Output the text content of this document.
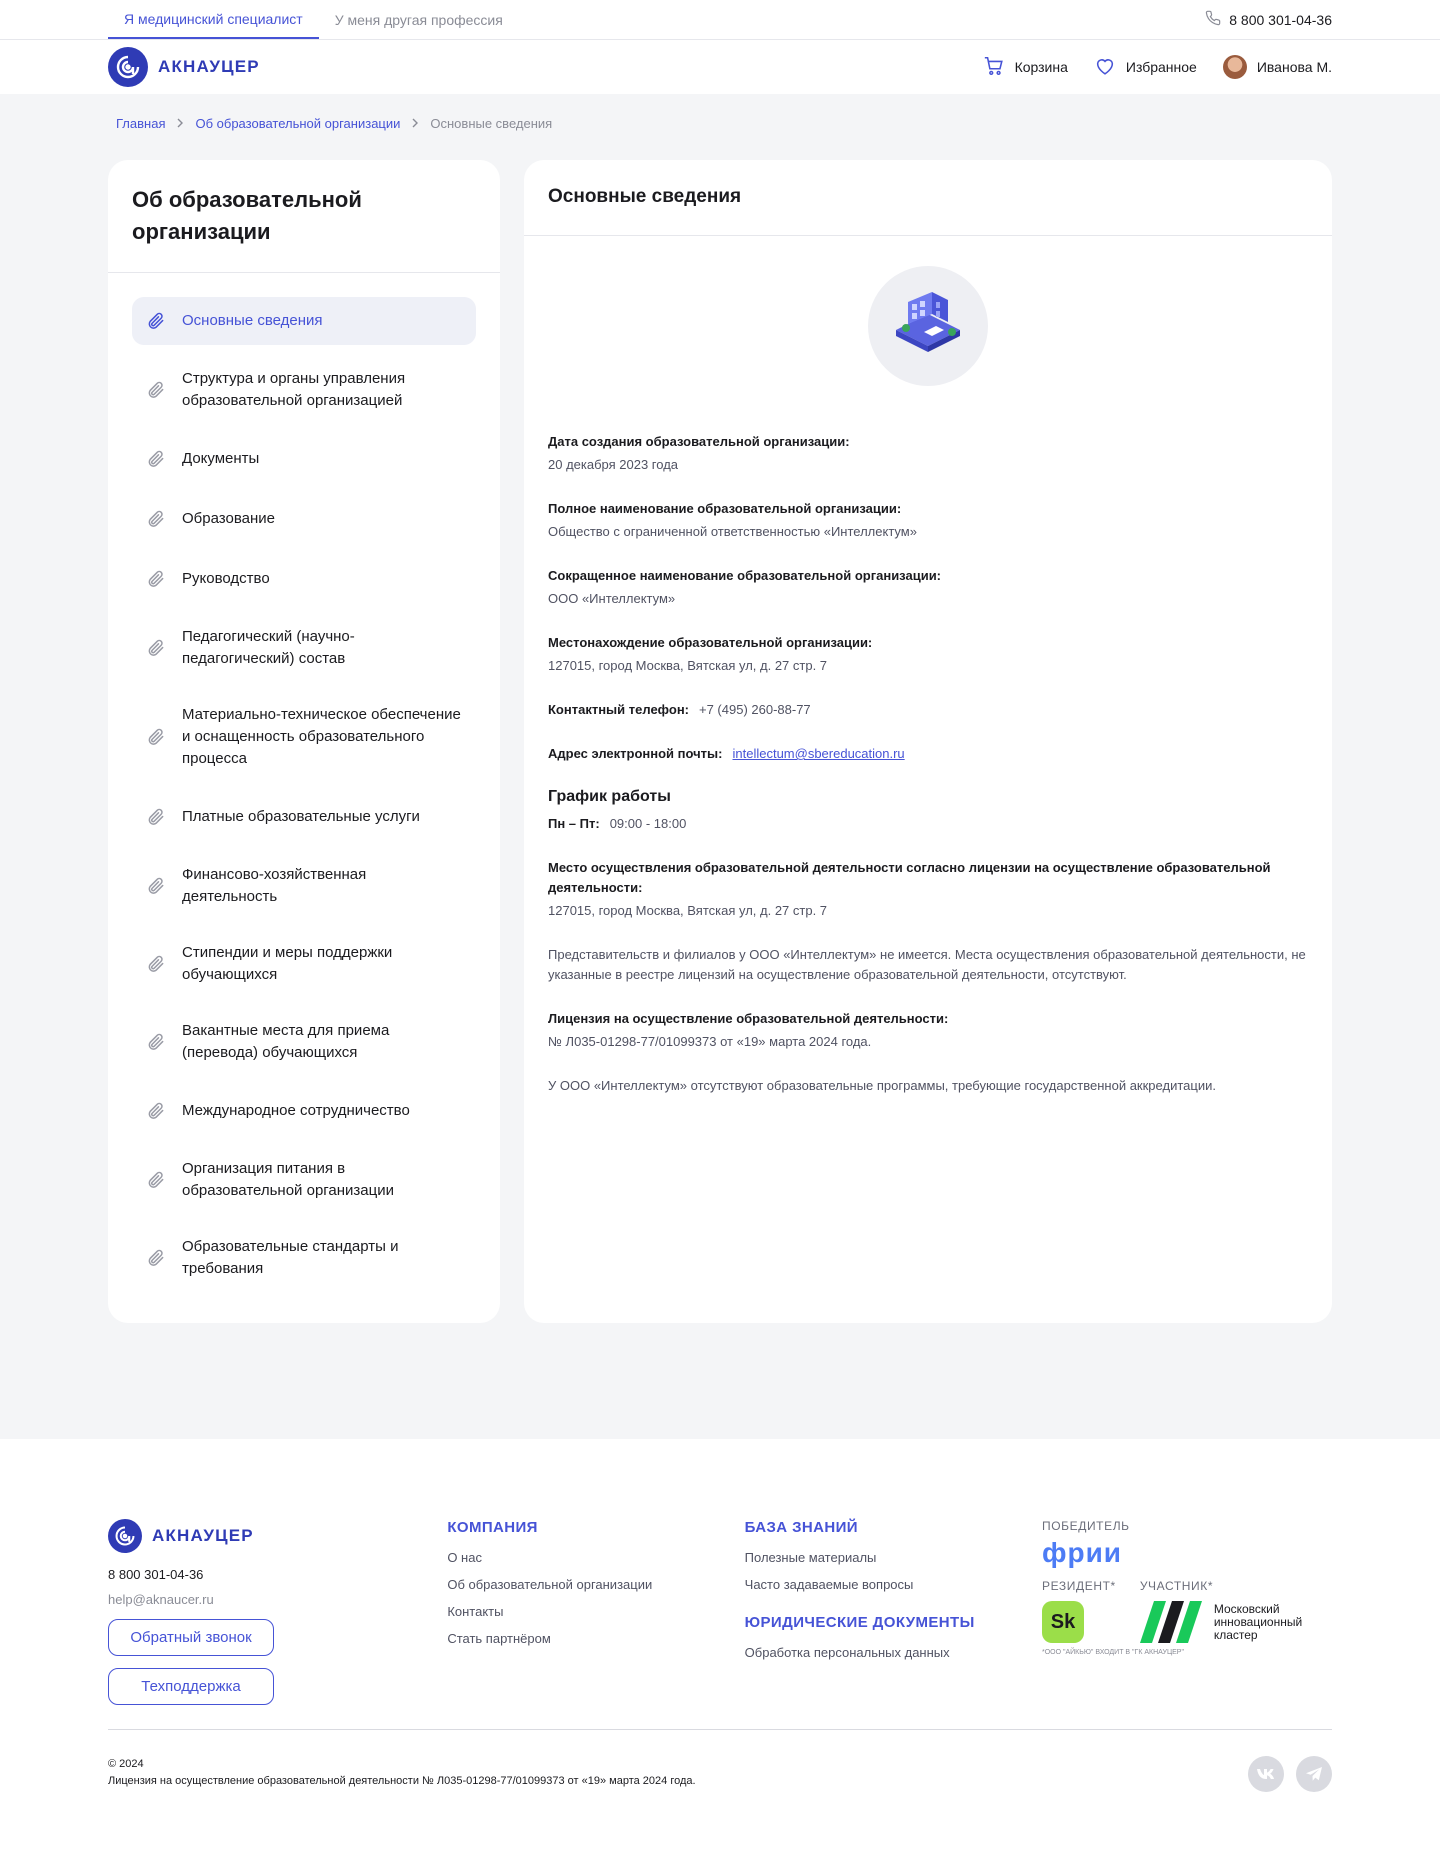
Я медицинский специалист	У меня другая профессия	8 800 301-04-36
АКНАУЦЕР	Корзина	Избранное	Иванова М.
Главная Об образовательной организации Основные сведения
Об образовательной организации
Основные сведения
Структура и органы управления образовательной организацией
Документы
Образование
Руководство
Педагогический (научно-педагогический) состав
Материально-техническое обеспечение и оснащенность образовательного процесса
Платные образовательные услуги
Финансово-хозяйственная деятельность
Стипендии и меры поддержки обучающихся
Вакантные места для приема (перевода) обучающихся
Международное сотрудничество
Организация питания в образовательной организации
Образовательные стандарты и требования
Основные сведения
Дата создания образовательной организации:
20 декабря 2023 года
Полное наименование образовательной организации:
Общество с ограниченной ответственностью «Интеллектум»
Сокращенное наименование образовательной организации:
ООО «Интеллектум»
Местонахождение образовательной организации:
127015, город Москва, Вятская ул, д. 27 стр. 7
Контактный телефон: +7 (495) 260-88-77
Адрес электронной почты: intellectum@sbereducation.ru
График работы
Пн – Пт: 09:00 - 18:00
Место осуществления образовательной деятельности согласно лицензии на осуществление образовательной деятельности:
127015, город Москва, Вятская ул, д. 27 стр. 7
Представительств и филиалов у ООО «Интеллектум» не имеется. Места осуществления образовательной деятельности, не указанные в реестре лицензий на осуществление образовательной деятельности, отсутствуют.
Лицензия на осуществление образовательной деятельности:
№ Л035-01298-77/01099373 от «19» марта 2024 года.
У ООО «Интеллектум» отсутствуют образовательные программы, требующие государственной аккредитации.
АКНАУЦЕР
8 800 301-04-36
help@aknaucer.ru
Обратный звонок
Техподдержка
КОМПАНИЯ
О нас
Об образовательной организации
Контакты
Стать партнёром
БАЗА ЗНАНИЙ
Полезные материалы
Часто задаваемые вопросы
ЮРИДИЧЕСКИЕ ДОКУМЕНТЫ
Обработка персональных данных
ПОБЕДИТЕЛЬ
фрии
РЕЗИДЕНТ*
Sk
УЧАСТНИК*
Московский
инновационный
кластер
*ООО "АЙКЬЮ" ВХОДИТ В "ГК АКНАУЦЕР"
© 2024
Лицензия на осуществление образовательной деятельности № Л035-01298-77/01099373 от «19» марта 2024 года.
